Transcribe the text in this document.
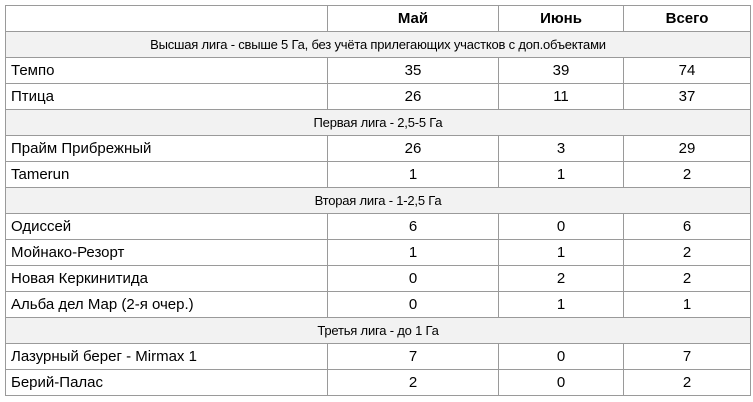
	Май	Июнь	Всего
Высшая лига - свыше 5 Га, без учёта прилегающих участков с доп.объектами			
Темпо	35	39	74
Птица	26	11	37
Первая лига - 2,5-5 Га			
Прайм Прибрежный	26	3	29
Tamerun	1	1	2
Вторая лига - 1-2,5 Га			
Одиссей	6	0	6
Мойнако-Резорт	1	1	2
Новая Керкинитида	0	2	2
Альба дел Мар (2-я очер.)	0	1	1
Третья лига - до 1 Га			
Лазурный берег - Mirmax 1	7	0	7
Берий-Палас	2	0	2
